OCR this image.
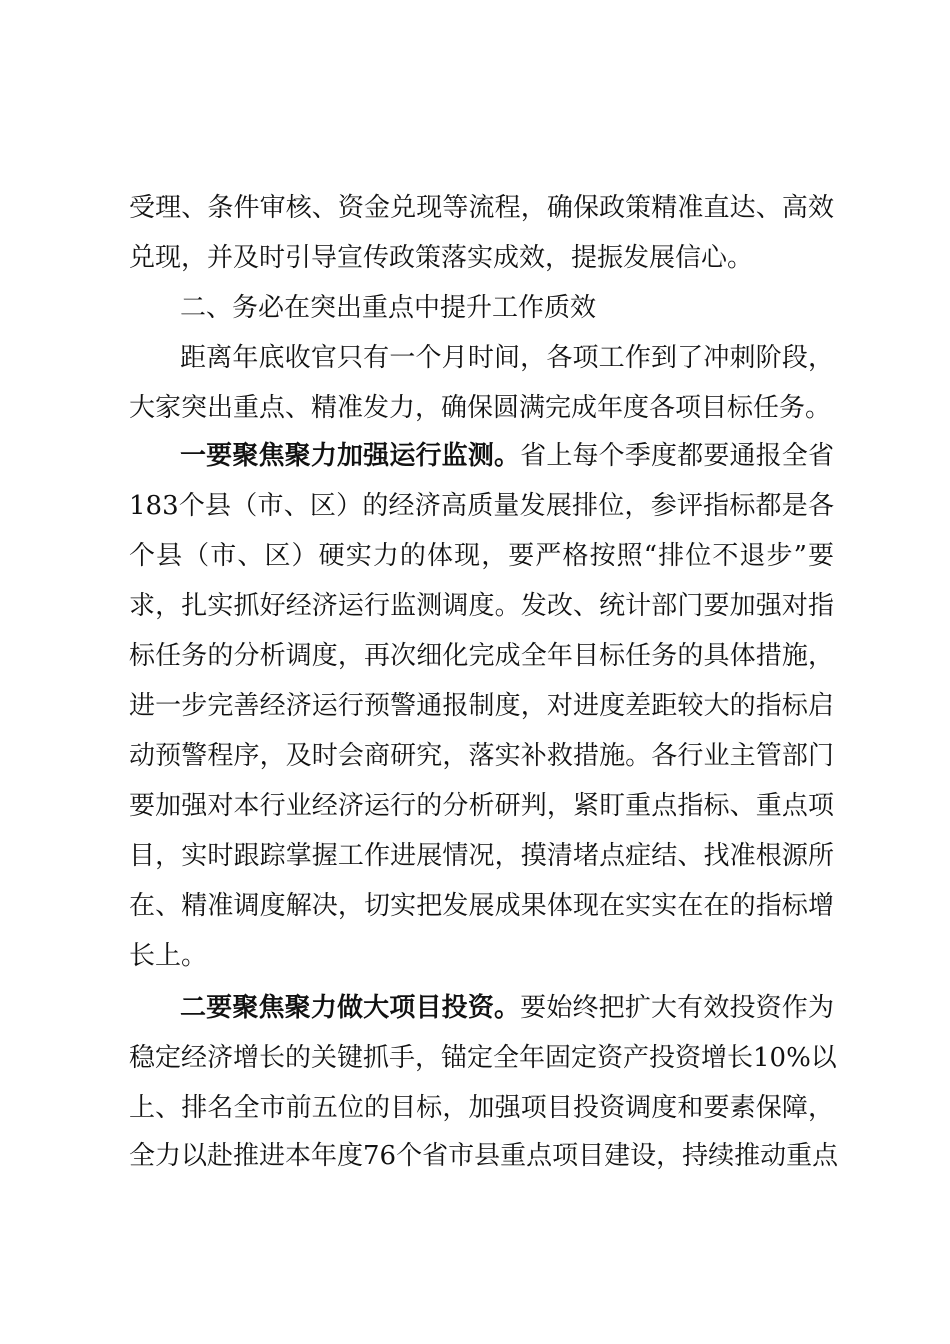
受理、条件审核、资金兑现等流程，确保政策精准直达、高效
兑现，并及时引导宣传政策落实成效，提振发展信心。
二、务必在突出重点中提升工作质效
距离年底收官只有一个月时间，各项工作到了冲刺阶段，
大家突出重点、精准发力，确保圆满完成年度各项目标任务。
一要聚焦聚力加强运行监测。省上每个季度都要通报全省
183个县（市、区）的经济高质量发展排位，参评指标都是各
个县（市、区）硬实力的体现，要严格按照“排位不退步”要
求，扎实抓好经济运行监测调度。发改、统计部门要加强对指
标任务的分析调度，再次细化完成全年目标任务的具体措施，
进一步完善经济运行预警通报制度，对进度差距较大的指标启
动预警程序，及时会商研究，落实补救措施。各行业主管部门
要加强对本行业经济运行的分析研判，紧盯重点指标、重点项
目，实时跟踪掌握工作进展情况，摸清堵点症结、找准根源所
在、精准调度解决，切实把发展成果体现在实实在在的指标增
长上。
二要聚焦聚力做大项目投资。要始终把扩大有效投资作为
稳定经济增长的关键抓手，锚定全年固定资产投资增长10%以
上、排名全市前五位的目标，加强项目投资调度和要素保障，
全力以赴推进本年度76个省市县重点项目建设，持续推动重点
